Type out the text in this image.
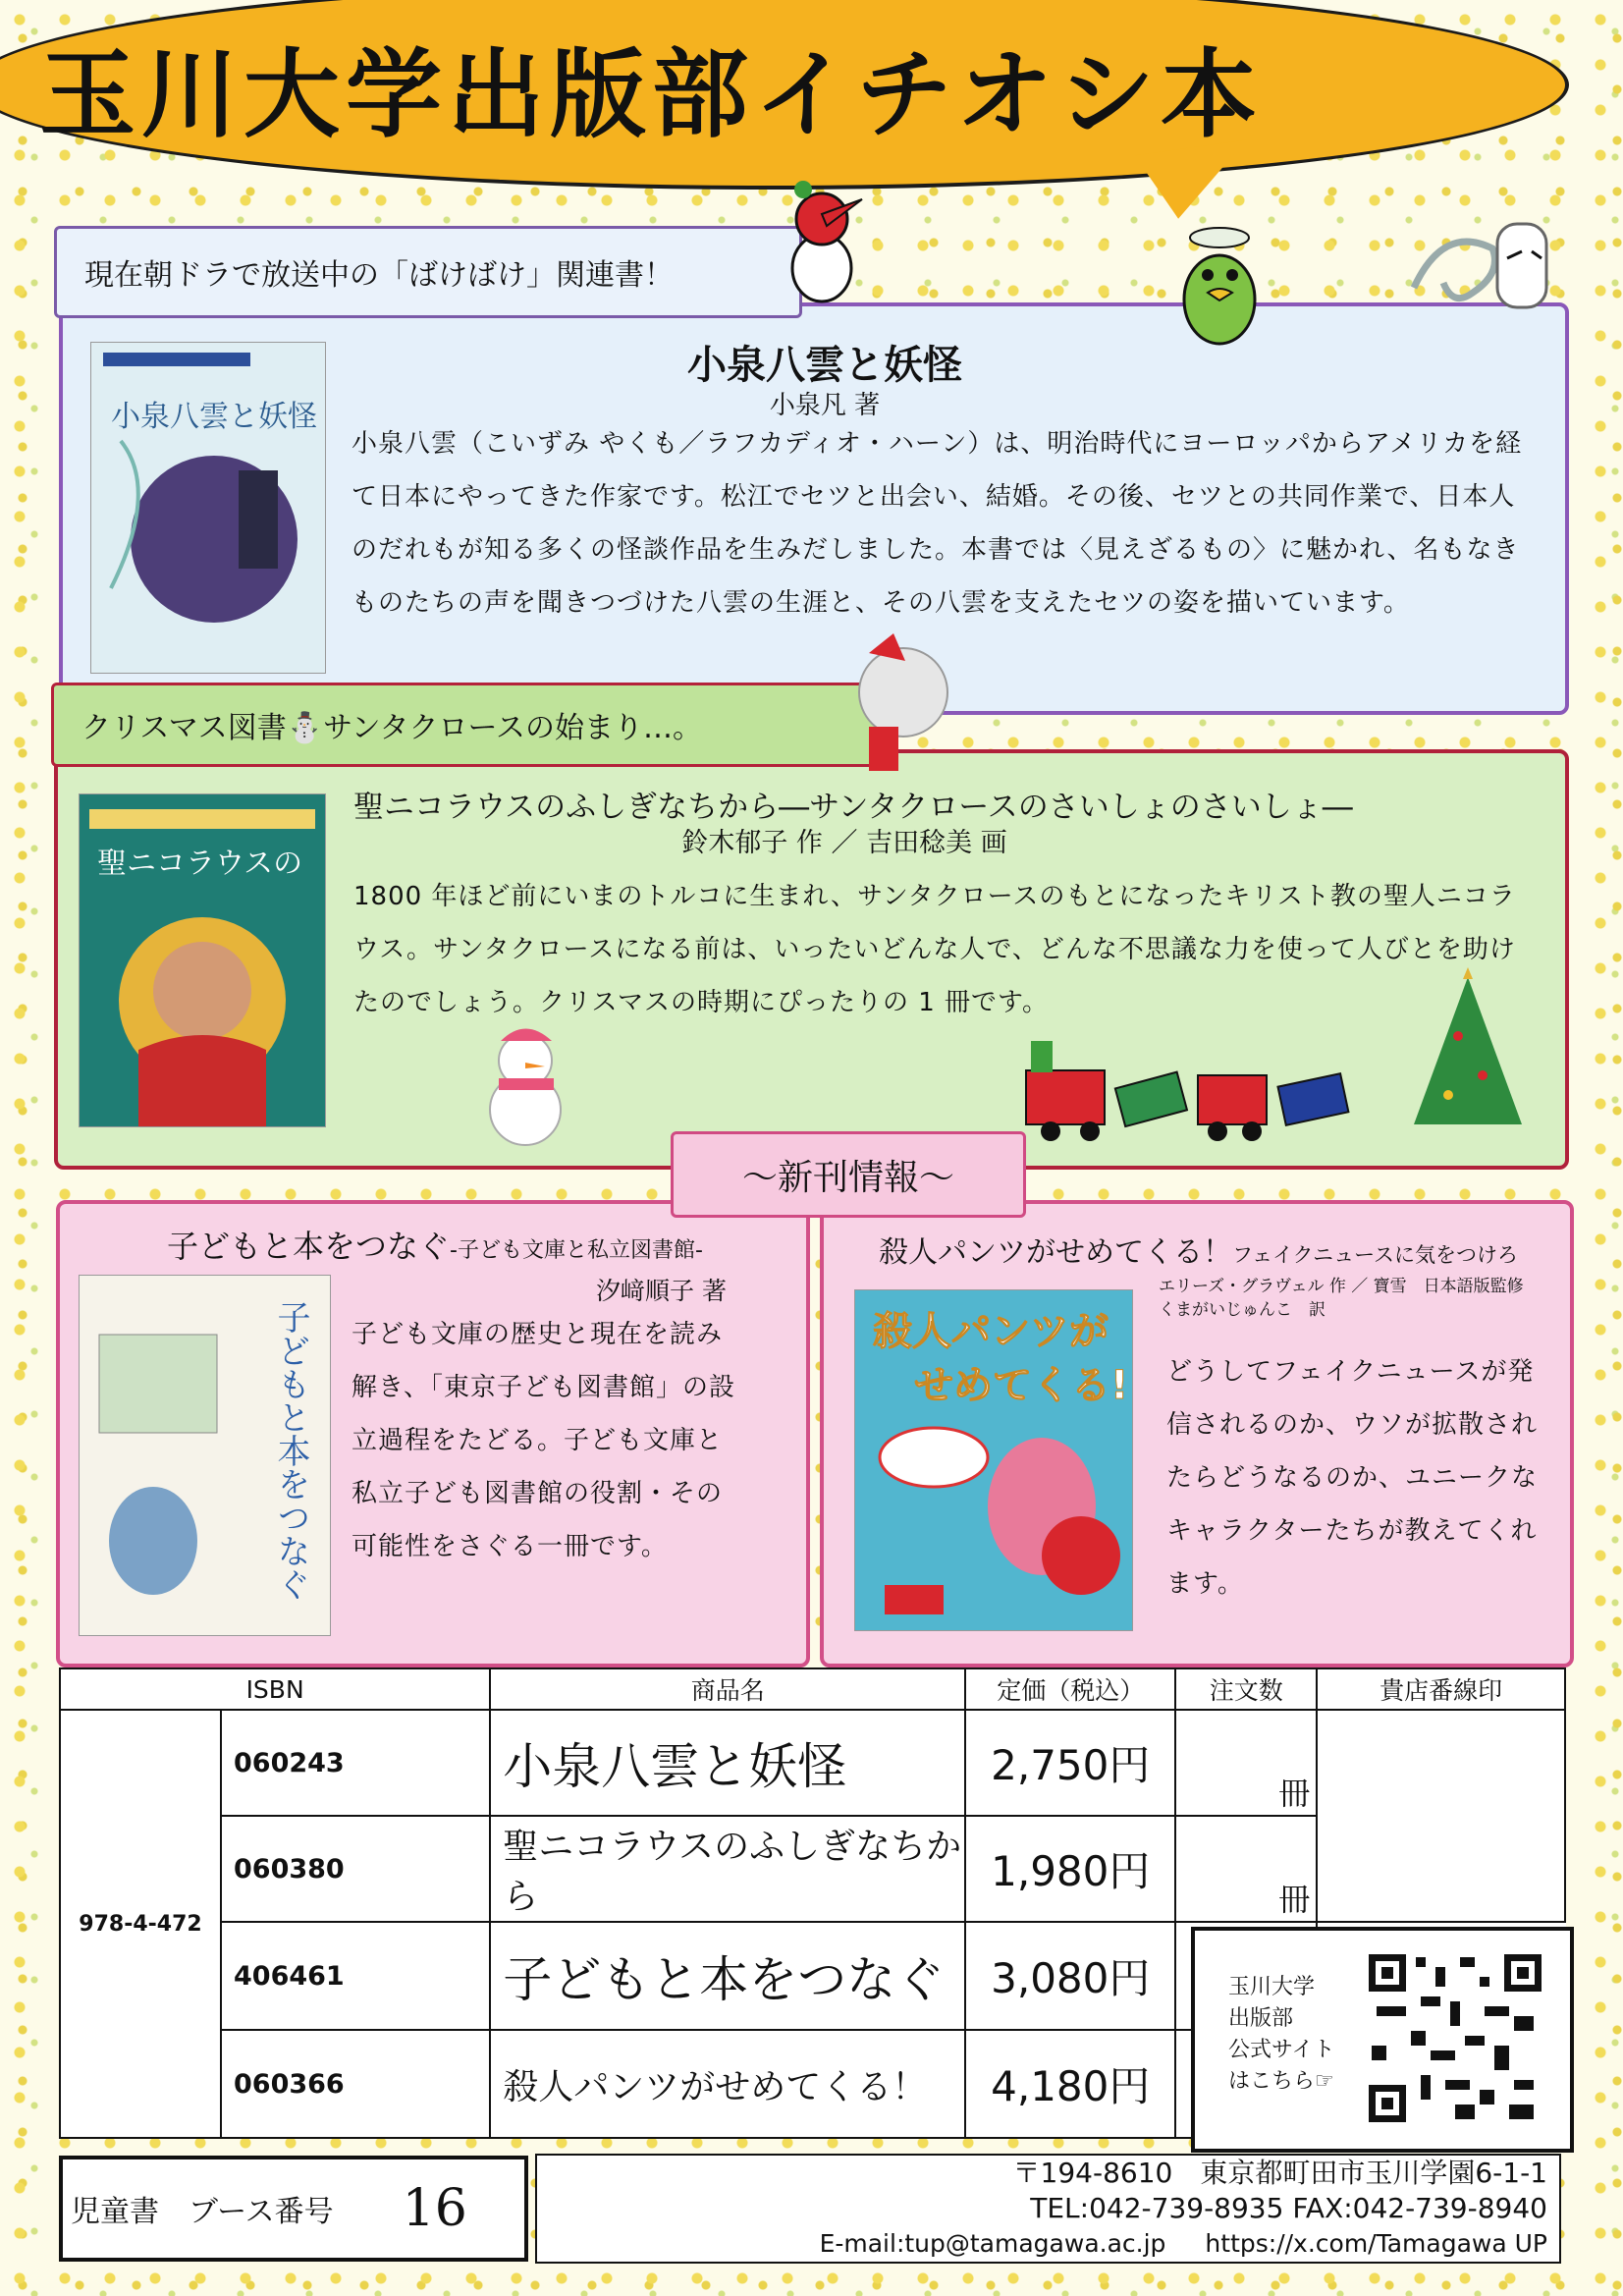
玉川大学出版部イチオシ本
現在朝ドラで放送中の「ばけばけ」関連書！
小泉八雲と妖怪
小泉八雲と妖怪
小泉凡 著
小泉八雲（こいずみ やくも／ラフカディオ・ハーン）は、明治時代にヨーロッパからアメリカを経て日本にやってきた作家です。松江でセツと出会い、結婚。その後、セツとの共同作業で、日本人のだれもが知る多くの怪談作品を生みだしました。本書では〈見えざるもの〉に魅かれ、名もなきものたちの声を聞きつづけた八雲の生涯と、その八雲を支えたセツの姿を描いています。
クリスマス図書⛄サンタクロースの始まり…。
聖ニコラウスの
聖ニコラウスのふしぎなちから―サンタクロースのさいしょのさいしょ―
鈴木郁子 作 ／ 吉田稔美 画
1800 年ほど前にいまのトルコに生まれ、サンタクロースのもとになったキリスト教の聖人ニコラウス。サンタクロースになる前は、いったいどんな人で、どんな不思議な力を使って人びとを助けたのでしょう。クリスマスの時期にぴったりの 1 冊です。
～新刊情報～
子どもと本をつなぐ-子ども文庫と私立図書館-
汐﨑順子 著
子どもと本をつなぐ 子ども文庫の歴史と現在を読み解き、「東京子ども図書館」の設立過程をたどる。子ども文庫と私立子ども図書館の役割・その可能性をさぐる一冊です。
殺人パンツがせめてくる！フェイクニュースに気をつけろ
エリーズ・グラヴェル 作 ／ 寶雪　日本語版監修
くまがいじゅんこ　訳
殺人パンツが
せめてくる! どうしてフェイクニュースが発信されるのか、ウソが拡散されたらどうなるのか、ユニークなキャラクターたちが教えてくれます。
ISBN		商品名	定価（税込）	注文数	貴店番線印
978-4-472	060243	小泉八雲と妖怪	2,750円	冊	
	060380	聖ニコラウスのふしぎなちから	1,980円	冊	
	406461	子どもと本をつなぐ	3,080円		
	060366	殺人パンツがせめてくる！	4,180円	
玉川大学
出版部
公式サイト
はこちら☞
児童書　ブース番号 16
〒194-8610　東京都町田市玉川学園6-1-1
TEL:042-739-8935 FAX:042-739-8940
E-mail:tup@tamagawa.ac.jp https://x.com/Tamagawa UP
